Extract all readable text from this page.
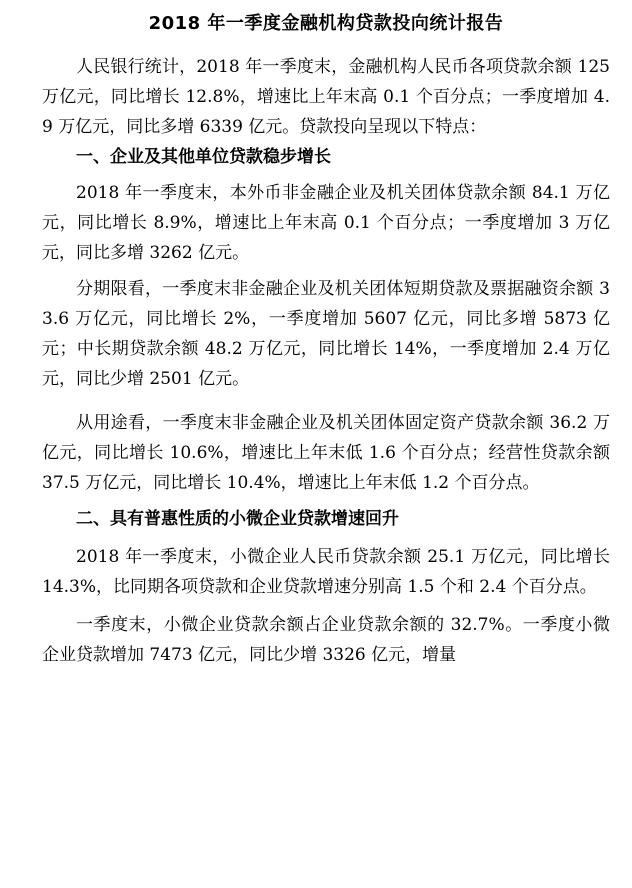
2018 年一季度金融机构贷款投向统计报告

人民银行统计，2018 年一季度末，金融机构人民币各项贷款余额 125 万亿元，同比增长 12.8%，增速比上年末高 0.1 个百分点；一季度增加 4.9 万亿元，同比多增 6339 亿元。贷款投向呈现以下特点：

一、企业及其他单位贷款稳步增长

2018 年一季度末，本外币非金融企业及机关团体贷款余额 84.1 万亿元，同比增长 8.9%，增速比上年末高 0.1 个百分点；一季度增加 3 万亿元，同比多增 3262 亿元。

分期限看，一季度末非金融企业及机关团体短期贷款及票据融资余额 33.6 万亿元，同比增长 2%，一季度增加 5607 亿元，同比多增 5873 亿元；中长期贷款余额 48.2 万亿元，同比增长 14%，一季度增加 2.4 万亿元，同比少增 2501 亿元。

从用途看，一季度末非金融企业及机关团体固定资产贷款余额 36.2 万亿元，同比增长 10.6%，增速比上年末低 1.6 个百分点；经营性贷款余额 37.5 万亿元，同比增长 10.4%，增速比上年末低 1.2 个百分点。

二、具有普惠性质的小微企业贷款增速回升

2018 年一季度末，小微企业人民币贷款余额 25.1 万亿元，同比增长 14.3%，比同期各项贷款和企业贷款增速分别高 1.5 个和 2.4 个百分点。

一季度末，小微企业贷款余额占企业贷款余额的 32.7%。一季度小微企业贷款增加 7473 亿元，同比少增 3326 亿元，增量
